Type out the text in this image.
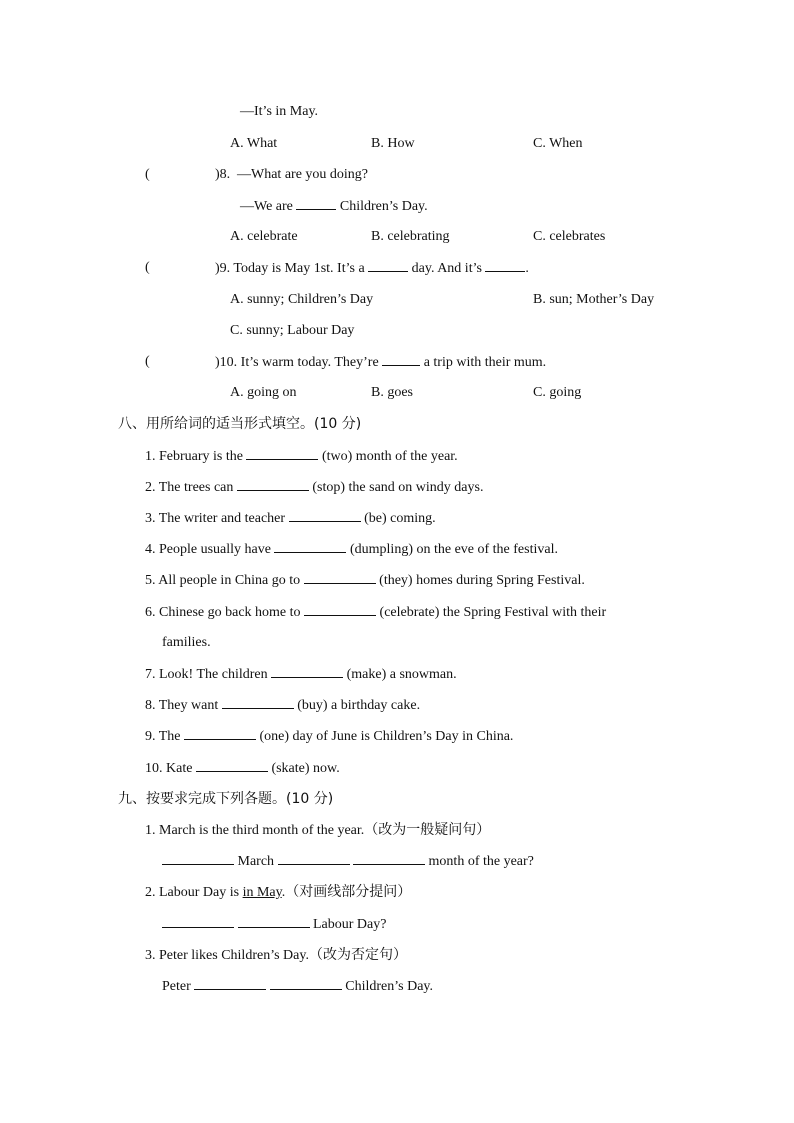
—It’s in May.
A. What	B. How	C. When
(	)8. —What are you doing?
—We are	Children’s Day.
A. celebrate	B. celebrating	C. celebrates
(	)9. Today is May 1st. It’s a	day. And it’s	.
A. sunny; Children’s Day	B. sun; Mother’s Day
C. sunny; Labour Day
(	)10. It’s warm today. They’re	a trip with their mum.
A. going on	B. goes	C. going
八、用所给词的适当形式填空。(10 分)
1. February is the	(two) month of the year.
2. The trees can	(stop) the sand on windy days.
3. The writer and teacher	(be) coming.
4. People usually have	(dumpling) on the eve of the festival.
5. All people in China go to	(they) homes during Spring Festival.
6. Chinese go back home to	(celebrate) the Spring Festival with their
families.
7. Look! The children	(make) a snowman.
8. They want	(buy) a birthday cake.
9. The	(one) day of June is Children’s Day in China.
10. Kate	(skate) now.
九、按要求完成下列各题。(10 分)
1. March is the third month of the year.（改为一般疑问句）
March	month of the year?
2. Labour Day is in May.（对画线部分提问）
Labour Day?
3. Peter likes Children’s Day.（改为否定句）
Peter	Children’s Day.
